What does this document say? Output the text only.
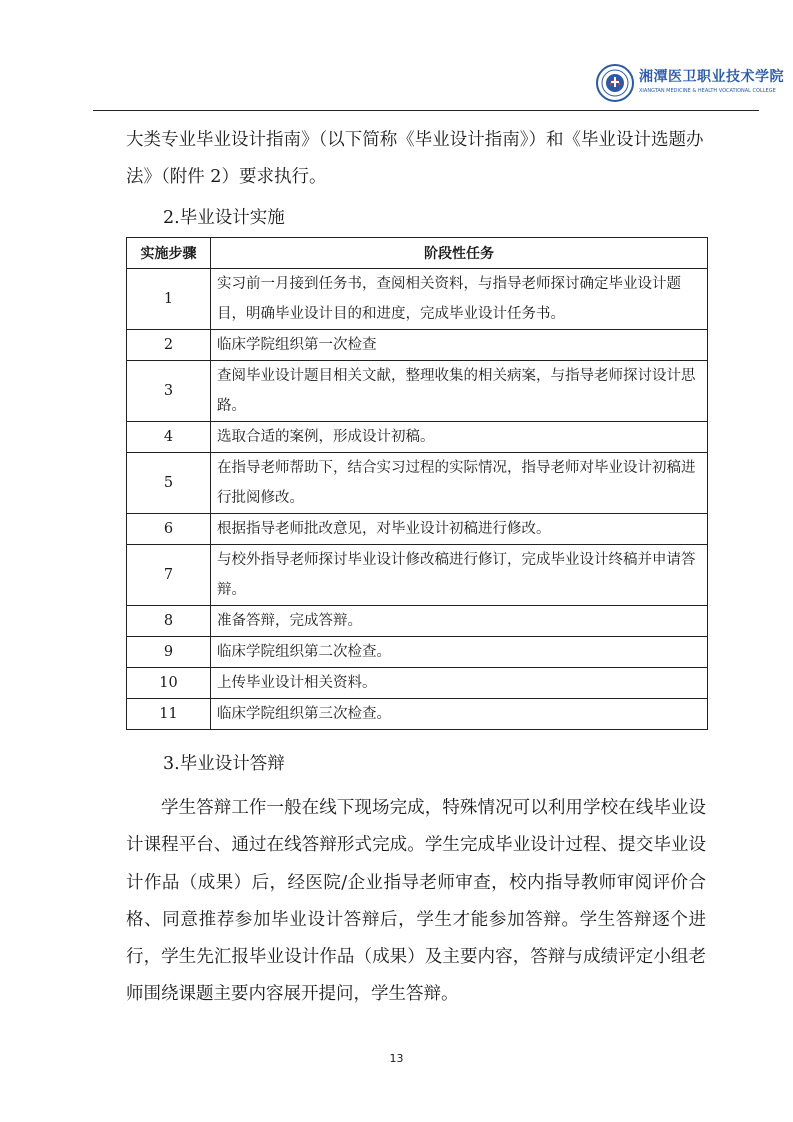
湘潭医卫职业技术学院
XIANGTAN MEDICINE & HEALTH VOCATIONAL COLLEGE

大类专业毕业设计指南》（以下简称《毕业设计指南》）和《毕业设计选题办法》（附件 2）要求执行。

2.毕业设计实施

实施步骤	阶段性任务
1	实习前一月接到任务书，查阅相关资料，与指导老师探讨确定毕业设计题目，明确毕业设计目的和进度，完成毕业设计任务书。
2	临床学院组织第一次检查
3	查阅毕业设计题目相关文献，整理收集的相关病案，与指导老师探讨设计思路。
4	选取合适的案例，形成设计初稿。
5	在指导老师帮助下，结合实习过程的实际情况，指导老师对毕业设计初稿进行批阅修改。
6	根据指导老师批改意见，对毕业设计初稿进行修改。
7	与校外指导老师探讨毕业设计修改稿进行修订，完成毕业设计终稿并申请答辩。
8	准备答辩，完成答辩。
9	临床学院组织第二次检查。
10	上传毕业设计相关资料。
11	临床学院组织第三次检查。

3.毕业设计答辩

学生答辩工作一般在线下现场完成，特殊情况可以利用学校在线毕业设计课程平台、通过在线答辩形式完成。学生完成毕业设计过程、提交毕业设计作品（成果）后，经医院/企业指导老师审查，校内指导教师审阅评价合格、同意推荐参加毕业设计答辩后，学生才能参加答辩。学生答辩逐个进行，学生先汇报毕业设计作品（成果）及主要内容，答辩与成绩评定小组老师围绕课题主要内容展开提问，学生答辩。

13
